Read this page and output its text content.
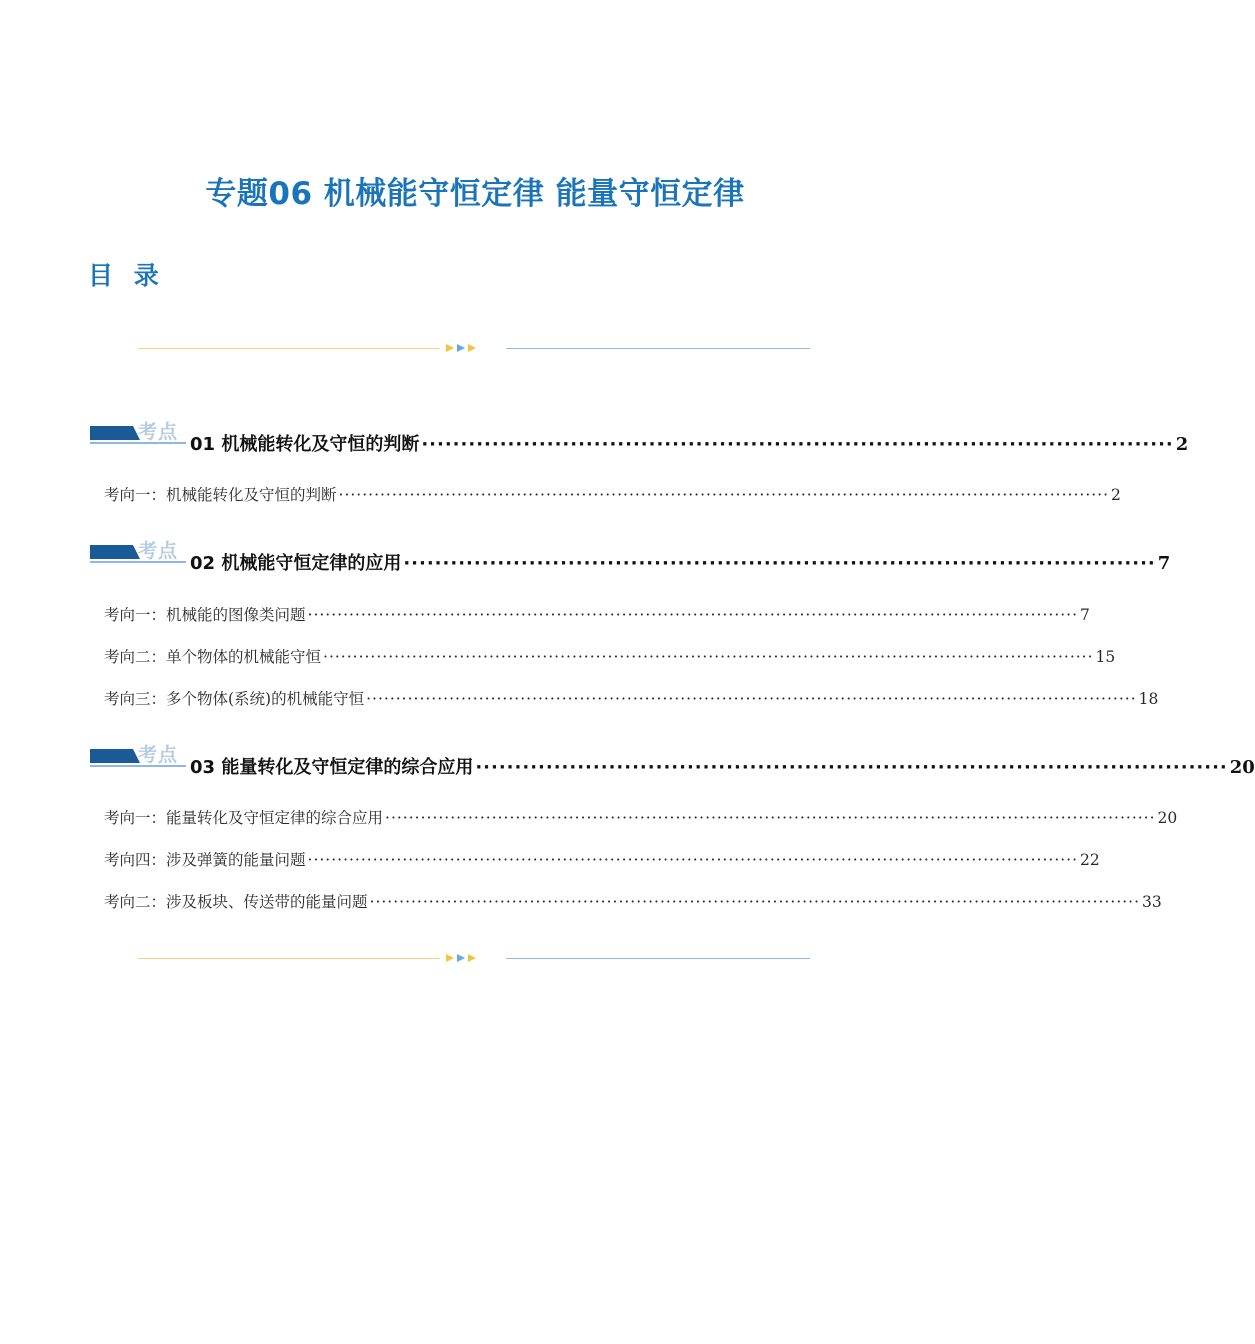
专题06 机械能守恒定律 能量守恒定律
目 录
考点
01 机械能转化及守恒的判断 ································································································ 2
考向一：机械能转化及守恒的判断 ·································································································································· 2
考点
02 机械能守恒定律的应用 ································································································ 7
考向一：机械能的图像类问题 ·································································································································· 7
考向二：单个物体的机械能守恒 ·································································································································· 15
考向三：多个物体(系统)的机械能守恒 ·································································································································· 18
考点
03 能量转化及守恒定律的综合应用 ································································································ 20
考向一：能量转化及守恒定律的综合应用 ·································································································································· 20
考向四：涉及弹簧的能量问题 ·································································································································· 22
考向二：涉及板块、传送带的能量问题 ·································································································································· 33
